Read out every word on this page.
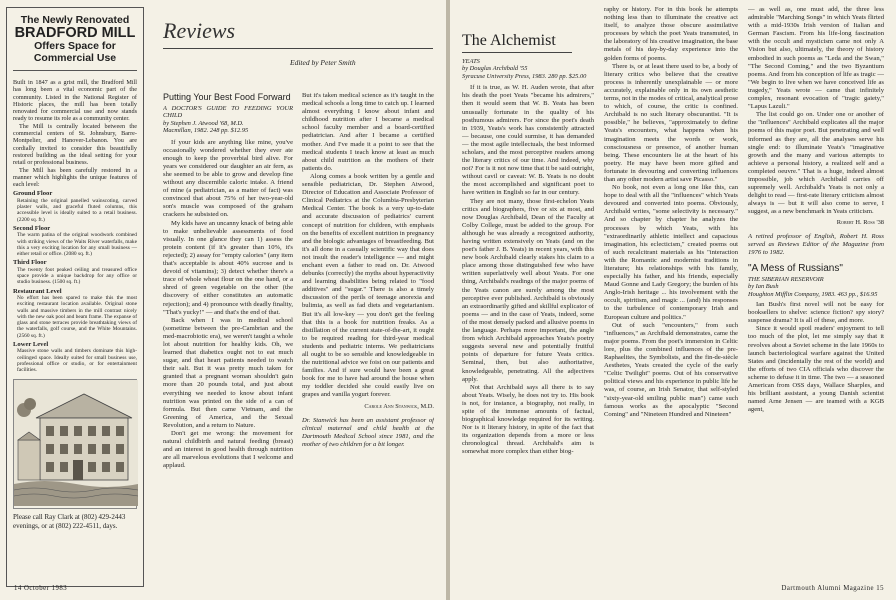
The Newly Renovated
BRADFORD MILL
Offers Space for Commercial Use

Built in 1847 as a grist mill, the Bradford Mill has long been a vital economic part of the community. Listed in the National Register of Historic places, the mill has been totally renovated for commercial use and now stands ready to resume its role as a community center.

The Mill is centrally located between the commercial centers of St. Johnsbury, Barre-Montpelier, and Hanover-Lebanon. You are cordially invited to consider this beautifully restored building as the ideal setting for your retail or professional business.

The Mill has been carefully restored in a manner which highlights the unique features of each level:

Ground Floor
Retaining the original panelled wainscoting, carved plaster walls, and graceful fluted columns, this accessible level is ideally suited to a retail business. (2200 sq. ft.)
Second Floor
The warm patina of the original woodwork combined with striking views of the Waits River waterfalls, make this a very exciting location for any small business — either retail or office. (2080 sq. ft.)
Third Floor
The twenty foot peaked ceiling and treasured office space provide a unique backdrop for any office or studio business. (1500 sq. ft.)
Restaurant Level
No effort has been spared to make this the most exciting restaurant location available. Original stone walls and massive timbers in the mill contrast nicely with the new oak pool and beam frame. The expanse of glass and stone terraces provide breathtaking views of the waterfalls, golf course, and the White Mountains. (2560 sq. ft.)
Lower Level
Massive stone walls and timbers dominate this high-ceilinged space. Ideally suited for small business use, professional office or studio, or for entertainment facilities.
Please call Ray Clark at (802) 429-2443 evenings, or at (802) 222-4511, days.
Reviews
Edited by Peter Smith
Putting Your Best Food Forward
A DOCTOR'S GUIDE TO FEEDING YOUR CHILD
by Stephen J. Atwood '68, M.D.
Macmillan, 1982. 248 pp. $12.95

If your kids are anything like mine, you've occasionally wondered whether they ever ate enough to keep the proverbial bird alive. For years we considered our daughter an air fern, as she seemed to be able to grow and develop fine without any discernible caloric intake. A friend of mine (a pediatrician, as a matter of fact) was convinced that about 75% of her two-year-old son's muscle was composed of the graham crackers he subsisted on.

My kids have an uncanny knack of being able to make unbelievable assessments of food visually. In one glance they can 1) assess the protein content (if it's greater than 10%, it's rejected); 2) assay for "empty calories" (any item that's acceptable is about 40% sucrose and is devoid of vitamins); 3) detect whether there's a trace of whole wheat flour on the one hand, or a shred of green vegetable on the other (the discovery of either constitutes an automatic rejection); and 4) pronounce with deadly finality, "That's yucky!" — and that's the end of that.

Back when I was in medical school (sometime between the pre-Cambrian and the med-macrobiotic era), we weren't taught a whole lot about nutrition for healthy kids. Oh, we learned that diabetics ought not to eat much sugar, and that heart patients needed to watch their salt. But it was pretty much taken for granted that a pregnant woman shouldn't gain more than 20 pounds total, and just about everything we needed to know about infant nutrition was printed on the side of a can of formula. But then came Vietnam, and the Greening of America, and the Sexual Revolution, and a return to Nature.

Don't get me wrong: the movement for natural childbirth and natural feeding (breast) and an interest in good health through nutrition are all marvelous evolutions that I welcome and applaud.

But it's taken medical science as it's taught in the medical schools a long time to catch up. I learned almost everything I know about infant and childhood nutrition after I became a medical school faculty member and a board-certified pediatrician. And after I became a certified mother. And I've made it a point to see that the medical students I teach know at least as much about child nutrition as the mothers of their patients do.

Along comes a book written by a gentle and sensible pediatrician, Dr. Stephen Atwood, Director of Education and Associate Professor of Clinical Pediatrics at the Columbia-Presbyterian Medical Center. The book is a very up-to-date and accurate discussion of pediatrics' current concept of nutrition for children, with emphasis on the benefits of excellent nutrition in pregnancy and the biologic advantages of breastfeeding. But it's all done in a casually scientific way that does not insult the reader's intelligence — and might enchant even a father to read on. Dr. Atwood debunks (correctly) the myths about hyperactivity and learning disabilities being related to "food additives" and "sugar." There is also a timely discussion of the perils of teenage anorexia and bulimia, as well as fad diets and vegetarianism. But it's all low-key — you don't get the feeling that this is a book for nutrition freaks. As a distillation of the current state-of-the-art, it ought to be required reading for third-year medical students and pediatric interns. We pediatricians all ought to be so sensible and knowledgeable in the nutritional advice we foist on our patients and families. And if sure would have been a great book for me to have had around the house when my toddler decided she could easily live on grapes and vanilla yogurt forever.

Carole Ann Stanwick, M.D.

Dr. Stanwick has been an assistant professor of clinical maternal and child health at the Dartmouth Medical School since 1981, and the mother of two children for a bit longer.

14 October 1983
The Alchemist
YEATS
by Douglas Archibald '55
Syracuse University Press, 1983. 280 pp. $25.00

If it is true, as W. H. Auden wrote, that after his death the poet Yeats "became his admirers," then it would seem that W. B. Yeats has been unusually fortunate in the quality of his posthumous admirers. For since the poet's death in 1939, Yeats's work has consistently attracted — because, one could surmise, it has demanded — the most agile intellectuals, the best informed scholars, and the most perceptive readers among the literary critics of our time. And indeed, why not? For is it not now time that it be said outright, without cavil or caveat: W. B. Yeats is no doubt the most accomplished and significant poet to have written in English so far in our century.

They are not many, those first-echelon Yeats critics and biographers, five or six at most, and now Douglas Archibald, Dean of the Faculty at Colby College, must be added to the group. For although he was already a recognized authority, having written extensively on Yeats (and on the poet's father J. B. Yeats) in recent years, with this new book Archibald clearly stakes his claim to a place among those distinguished few who have written superlatively well about Yeats. For one thing, Archibald's readings of the major poems of the Yeats canon are surely among the most perceptive ever published. Archibald is obviously an extraordinarily gifted and skillful explicator of poems — and in the case of Yeats, indeed, some of the most densely packed and allusive poems in the language. Perhaps more important, the angle from which Archibald approaches Yeats's poetry suggests several new and potentially fruitful points of departure for future Yeats critics. Seminal, then, but also authoritative, knowledgeable, penetrating. All the adjectives apply.

Not that Archibald says all there is to say about Yeats. Wisely, he does not try to. His book is not, for instance, a biography, not really, in spite of the immense amounts of factual, biographical knowledge required for its writing. Nor is it literary history, in spite of the fact that its organization depends from a more or less chronological thread. Archibald's aim is somewhat more complex than either biog-

raphy or history. For in this book he attempts nothing less than to illuminate the creative act itself, to analyze those obscure assimilative processes by which the poet Yeats transmuted, in the laboratory of his creative imagination, the base metals of his day-by-day experience into the golden forms of poems.

There is, or at least there used to be, a body of literary critics who believe that the creative process is inherently unexplainable — or more accurately, explainable only in its own aesthetic terms, not in the modes of critical, analytical prose to which, of course, the critic is confined. Archibald is no such literary obscurantist. "It is possible," he believes, "approximately to define Yeats's encounters, what happens when his imagination meets the words or work, consciousness or presence, of another human being. These encounters lie at the heart of his poetry. He may have been more gifted and fortunate in devouring and converting influences than any other modern artist save Picasso."

No book, not even a long one like this, can hope to deal with all the "influences" which Yeats devoured and converted into poems. Obviously, Archibald writes, "some selectivity is necessary." And so chapter by chapter he analyzes the processes by which Yeats, with his "extraordinarily athletic intellect and capacious imagination, his eclecticism," created poems out of such recalcitrant materials as his "interaction with the Romantic and modernist traditions in literature; his relationships with his family, especially his father, and his friends, especially Maud Gonne and Lady Gregory; the burden of his Anglo-Irish heritage ... his involvement with the occult, spiritism, and magic ... (and) his responses to the turbulence of contemporary Irish and European culture and politics."

Out of such "encounters," from such "influences," as Archibald demonstrates, came the major poems. From the poet's immersion in Celtic lore, plus the combined influences of the pre-Raphaelites, the Symbolists, and the fin-de-siècle Aesthetes, Yeats created the cycle of the early "Celtic Twilight" poems. Out of his conservative political views and his experience in public life he was, of course, an Irish Senator, that self-styled "sixty-year-old smiling public man") came such famous works as the apocalyptic "Second Coming" and "Nineteen Hundred and Nineteen"

— as well as, one must add, the three less admirable "Marching Songs" in which Yeats flirted with a mid-1930s Irish version of Italian and German Fascism. From his life-long fascination with the occult and mysticism came not only A Vision but also, ultimately, the theory of history embodied in such poems as "Leda and the Swan," "The Second Coming," and the two Byzantium poems. And from his conception of life as tragic — "We begin to live when we have conceived life as tragedy," Yeats wrote — came that infinitely complex, resonant evocation of "tragic gaiety," "Lapus Lazuli."

The list could go on. Under one or another of the "influences" Archibald explicates all the major poems of this major poet. But penetrating and well informed as they are, all the analyses serve his single end: to illuminate Yeats's "imaginative growth and the many and various attempts to achieve a personal history, a realized self and a completed oeuvre." That is a huge, indeed almost impossible, job which Archibald carries off supremely well. Archibald's Yeats is not only a delight to read — first-rate literary criticism almost always is — but it will also come to serve, I suggest, as a new benchmark in Yeats criticism.

Robert H. Ross '38

A retired professor of English, Robert H. Ross served as Reviews Editor of the Magazine from 1976 to 1982.

"A Mess of Russians"
THE SIBERIAN RESERVOIR
by Ian Bush
Houghton Mifflin Company, 1983. 463 pp., $16.95

Ian Bush's first novel will not be easy for booksellers to shelve: science fiction? spy story? suspense drama? It is all of these, and more.

Since it would spoil readers' enjoyment to tell too much of the plot, let me simply say that it revolves about a Soviet scheme in the late 1960s to launch bacteriological warfare against the United States and (incidentally the rest of the world) and the efforts of two CIA officials who discover the scheme to defuse it in time. The two — a seasoned American from OSS days, Wallace Sharples, and his brilliant assistant, a young Danish scientist named Arne Jensen — are teamed with a KGB agent,

Dartmouth Alumni Magazine 15
